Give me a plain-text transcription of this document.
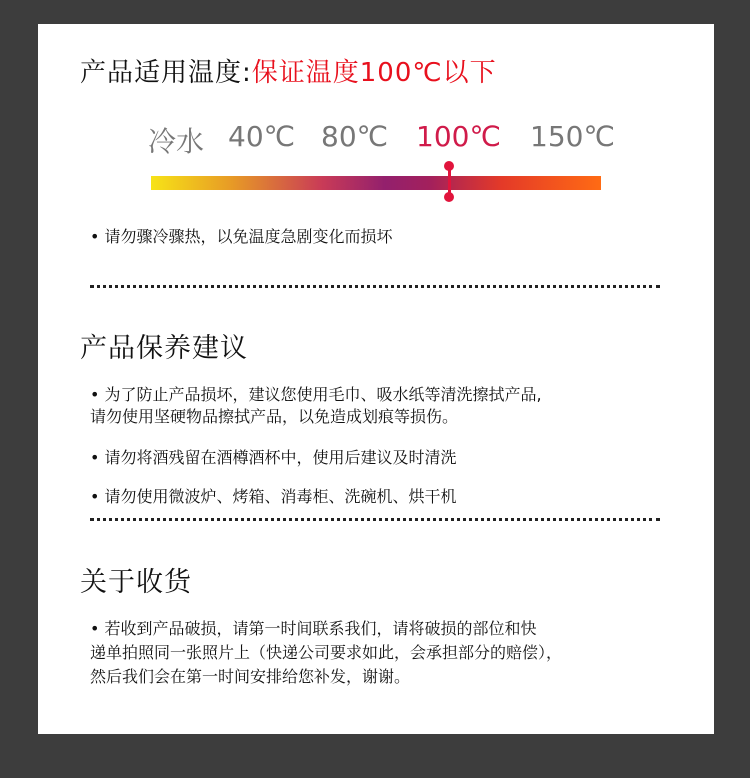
产品适用温度:保证温度100℃以下
冷水 40℃ 80℃ 100℃ 150℃
• 请勿骤冷骤热，以免温度急剧变化而损坏
产品保养建议
• 为了防止产品损坏，建议您使用毛巾、吸水纸等清洗擦拭产品,
请勿使用坚硬物品擦拭产品，以免造成划痕等损伤。
• 请勿将酒残留在酒樽酒杯中，使用后建议及时清洗
• 请勿使用微波炉、烤箱、消毒柜、洗碗机、烘干机
关于收货
• 若收到产品破损，请第一时间联系我们，请将破损的部位和快
递单拍照同一张照片上（快递公司要求如此，会承担部分的赔偿），
然后我们会在第一时间安排给您补发，谢谢。
